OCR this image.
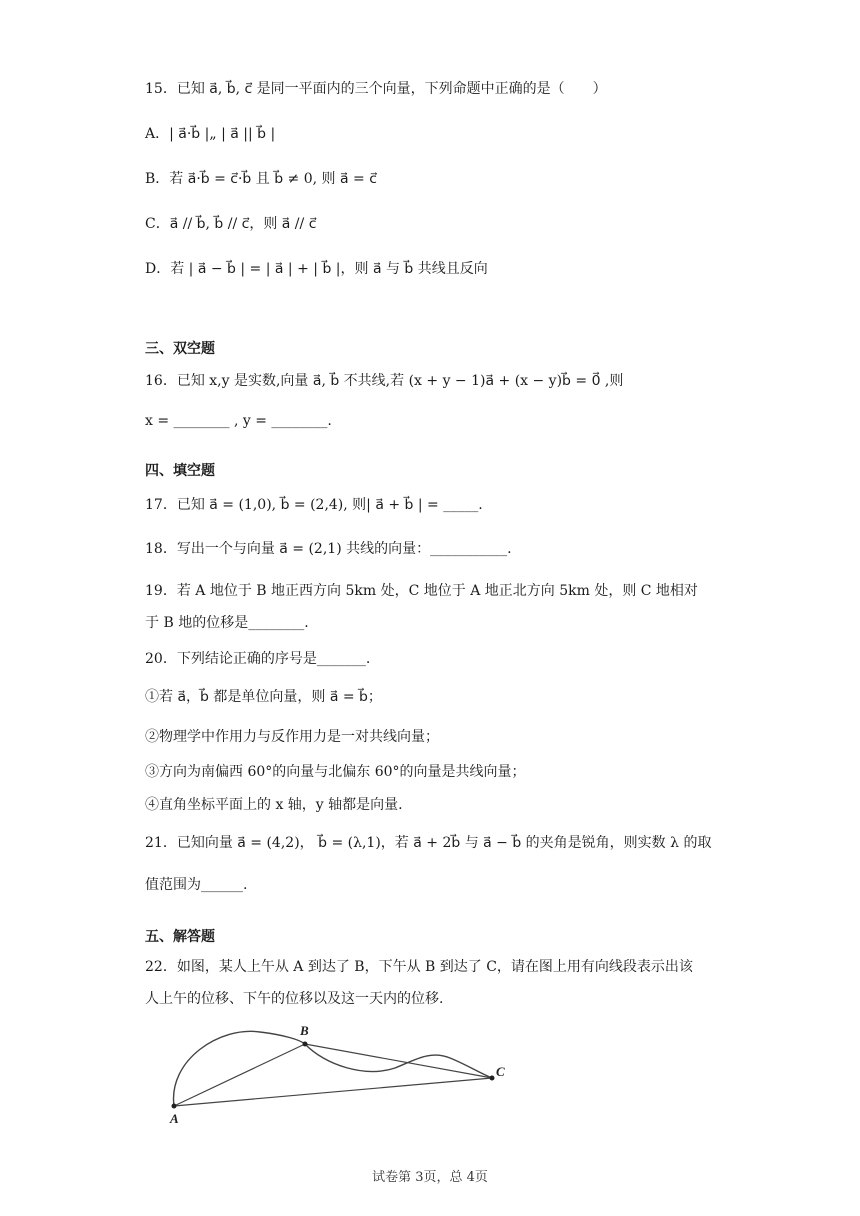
15．已知 a⃗, b⃗, c⃗ 是同一平面内的三个向量，下列命题中正确的是（　　）
A．| a⃗·b⃗ |„ | a⃗ || b⃗ |
B．若 a⃗·b⃗ = c⃗·b⃗ 且 b⃗ ≠ 0, 则 a⃗ = c⃗
C．a⃗ // b⃗, b⃗ // c⃗，则 a⃗ // c⃗
D．若 | a⃗ − b⃗ | = | a⃗ | + | b⃗ |，则 a⃗ 与 b⃗ 共线且反向
三、双空题
16．已知 x,y 是实数,向量 a⃗, b⃗ 不共线,若 (x + y − 1)a⃗ + (x − y)b⃗ = 0⃗ ,则
x = ________ , y = ________.
四、填空题
17．已知 a⃗ = (1,0), b⃗ = (2,4), 则| a⃗ + b⃗ | = _____.
18．写出一个与向量 a⃗ = (2,1) 共线的向量：___________.
19．若 A 地位于 B 地正西方向 5km 处，C 地位于 A 地正北方向 5km 处，则 C 地相对
于 B 地的位移是________.
20．下列结论正确的序号是_______.
①若 a⃗，b⃗ 都是单位向量，则 a⃗ = b⃗；
②物理学中作用力与反作用力是一对共线向量；
③方向为南偏西 60°的向量与北偏东 60°的向量是共线向量；
④直角坐标平面上的 x 轴，y 轴都是向量.
21．已知向量 a⃗ = (4,2)， b⃗ = (λ,1)，若 a⃗ + 2b⃗ 与 a⃗ − b⃗ 的夹角是锐角，则实数 λ 的取
值范围为______.
五、解答题
22．如图，某人上午从 A 到达了 B，下午从 B 到达了 C，请在图上用有向线段表示出该
人上午的位移、下午的位移以及这一天内的位移.
A
B
C
试卷第 3页，总 4页
